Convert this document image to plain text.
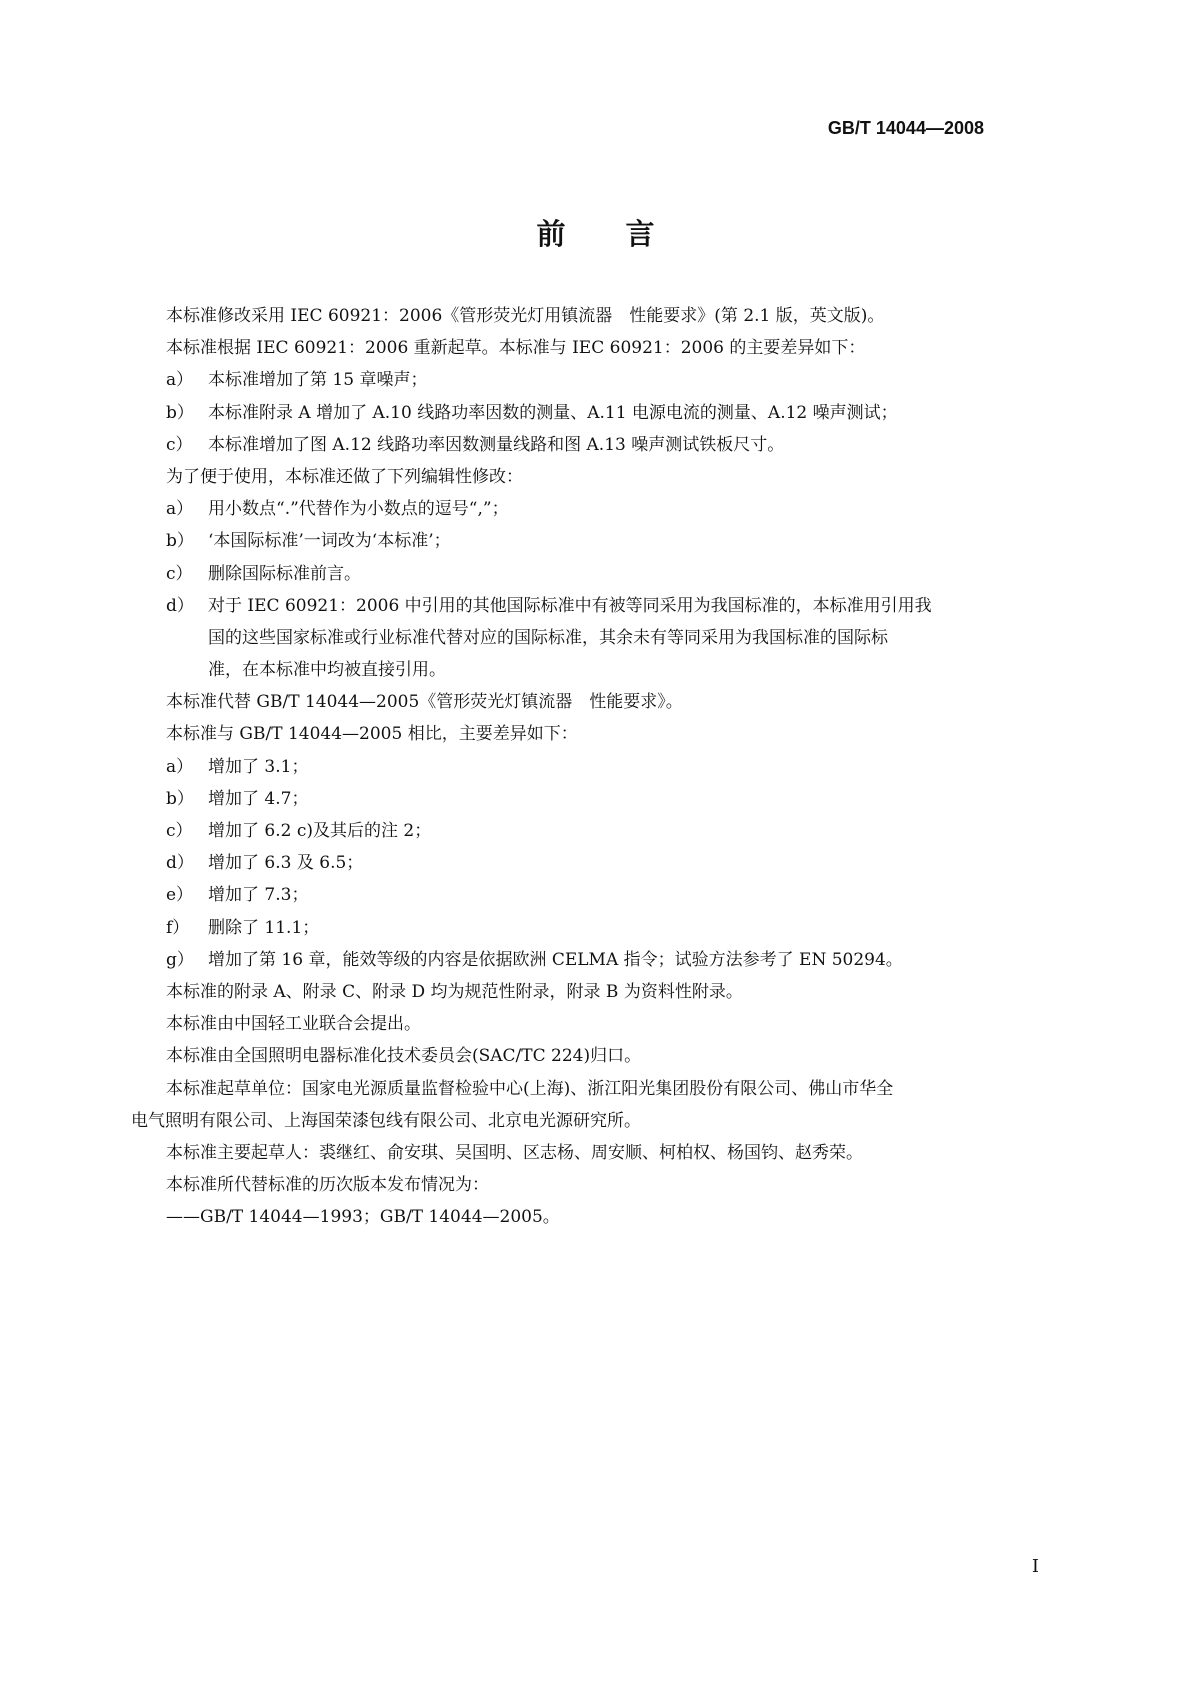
GB/T 14044—2008
前言
本标准修改采用 IEC 60921：2006《管形荧光灯用镇流器　性能要求》(第 2.1 版，英文版)。
本标准根据 IEC 60921：2006 重新起草。本标准与 IEC 60921：2006 的主要差异如下：
a） 本标准增加了第 15 章噪声；
b） 本标准附录 A 增加了 A.10 线路功率因数的测量、A.11 电源电流的测量、A.12 噪声测试；
c） 本标准增加了图 A.12 线路功率因数测量线路和图 A.13 噪声测试铁板尺寸。
为了便于使用，本标准还做了下列编辑性修改：
a） 用小数点“.”代替作为小数点的逗号“,”；
b） ‘本国际标准’一词改为‘本标准’；
c） 删除国际标准前言。
d） 对于 IEC 60921：2006 中引用的其他国际标准中有被等同采用为我国标准的，本标准用引用我
国的这些国家标准或行业标准代替对应的国际标准，其余未有等同采用为我国标准的国际标
准，在本标准中均被直接引用。
本标准代替 GB/T 14044—2005《管形荧光灯镇流器　性能要求》。
本标准与 GB/T 14044—2005 相比，主要差异如下：
a） 增加了 3.1；
b） 增加了 4.7；
c） 增加了 6.2 c)及其后的注 2；
d） 增加了 6.3 及 6.5；
e） 增加了 7.3；
f） 删除了 11.1；
g） 增加了第 16 章，能效等级的内容是依据欧洲 CELMA 指令；试验方法参考了 EN 50294。
本标准的附录 A、附录 C、附录 D 均为规范性附录，附录 B 为资料性附录。
本标准由中国轻工业联合会提出。
本标准由全国照明电器标准化技术委员会(SAC/TC 224)归口。
本标准起草单位：国家电光源质量监督检验中心(上海)、浙江阳光集团股份有限公司、佛山市华全
电气照明有限公司、上海国荣漆包线有限公司、北京电光源研究所。
本标准主要起草人：裘继红、俞安琪、吴国明、区志杨、周安顺、柯柏权、杨国钧、赵秀荣。
本标准所代替标准的历次版本发布情况为：
——GB/T 14044—1993；GB/T 14044—2005。
I
